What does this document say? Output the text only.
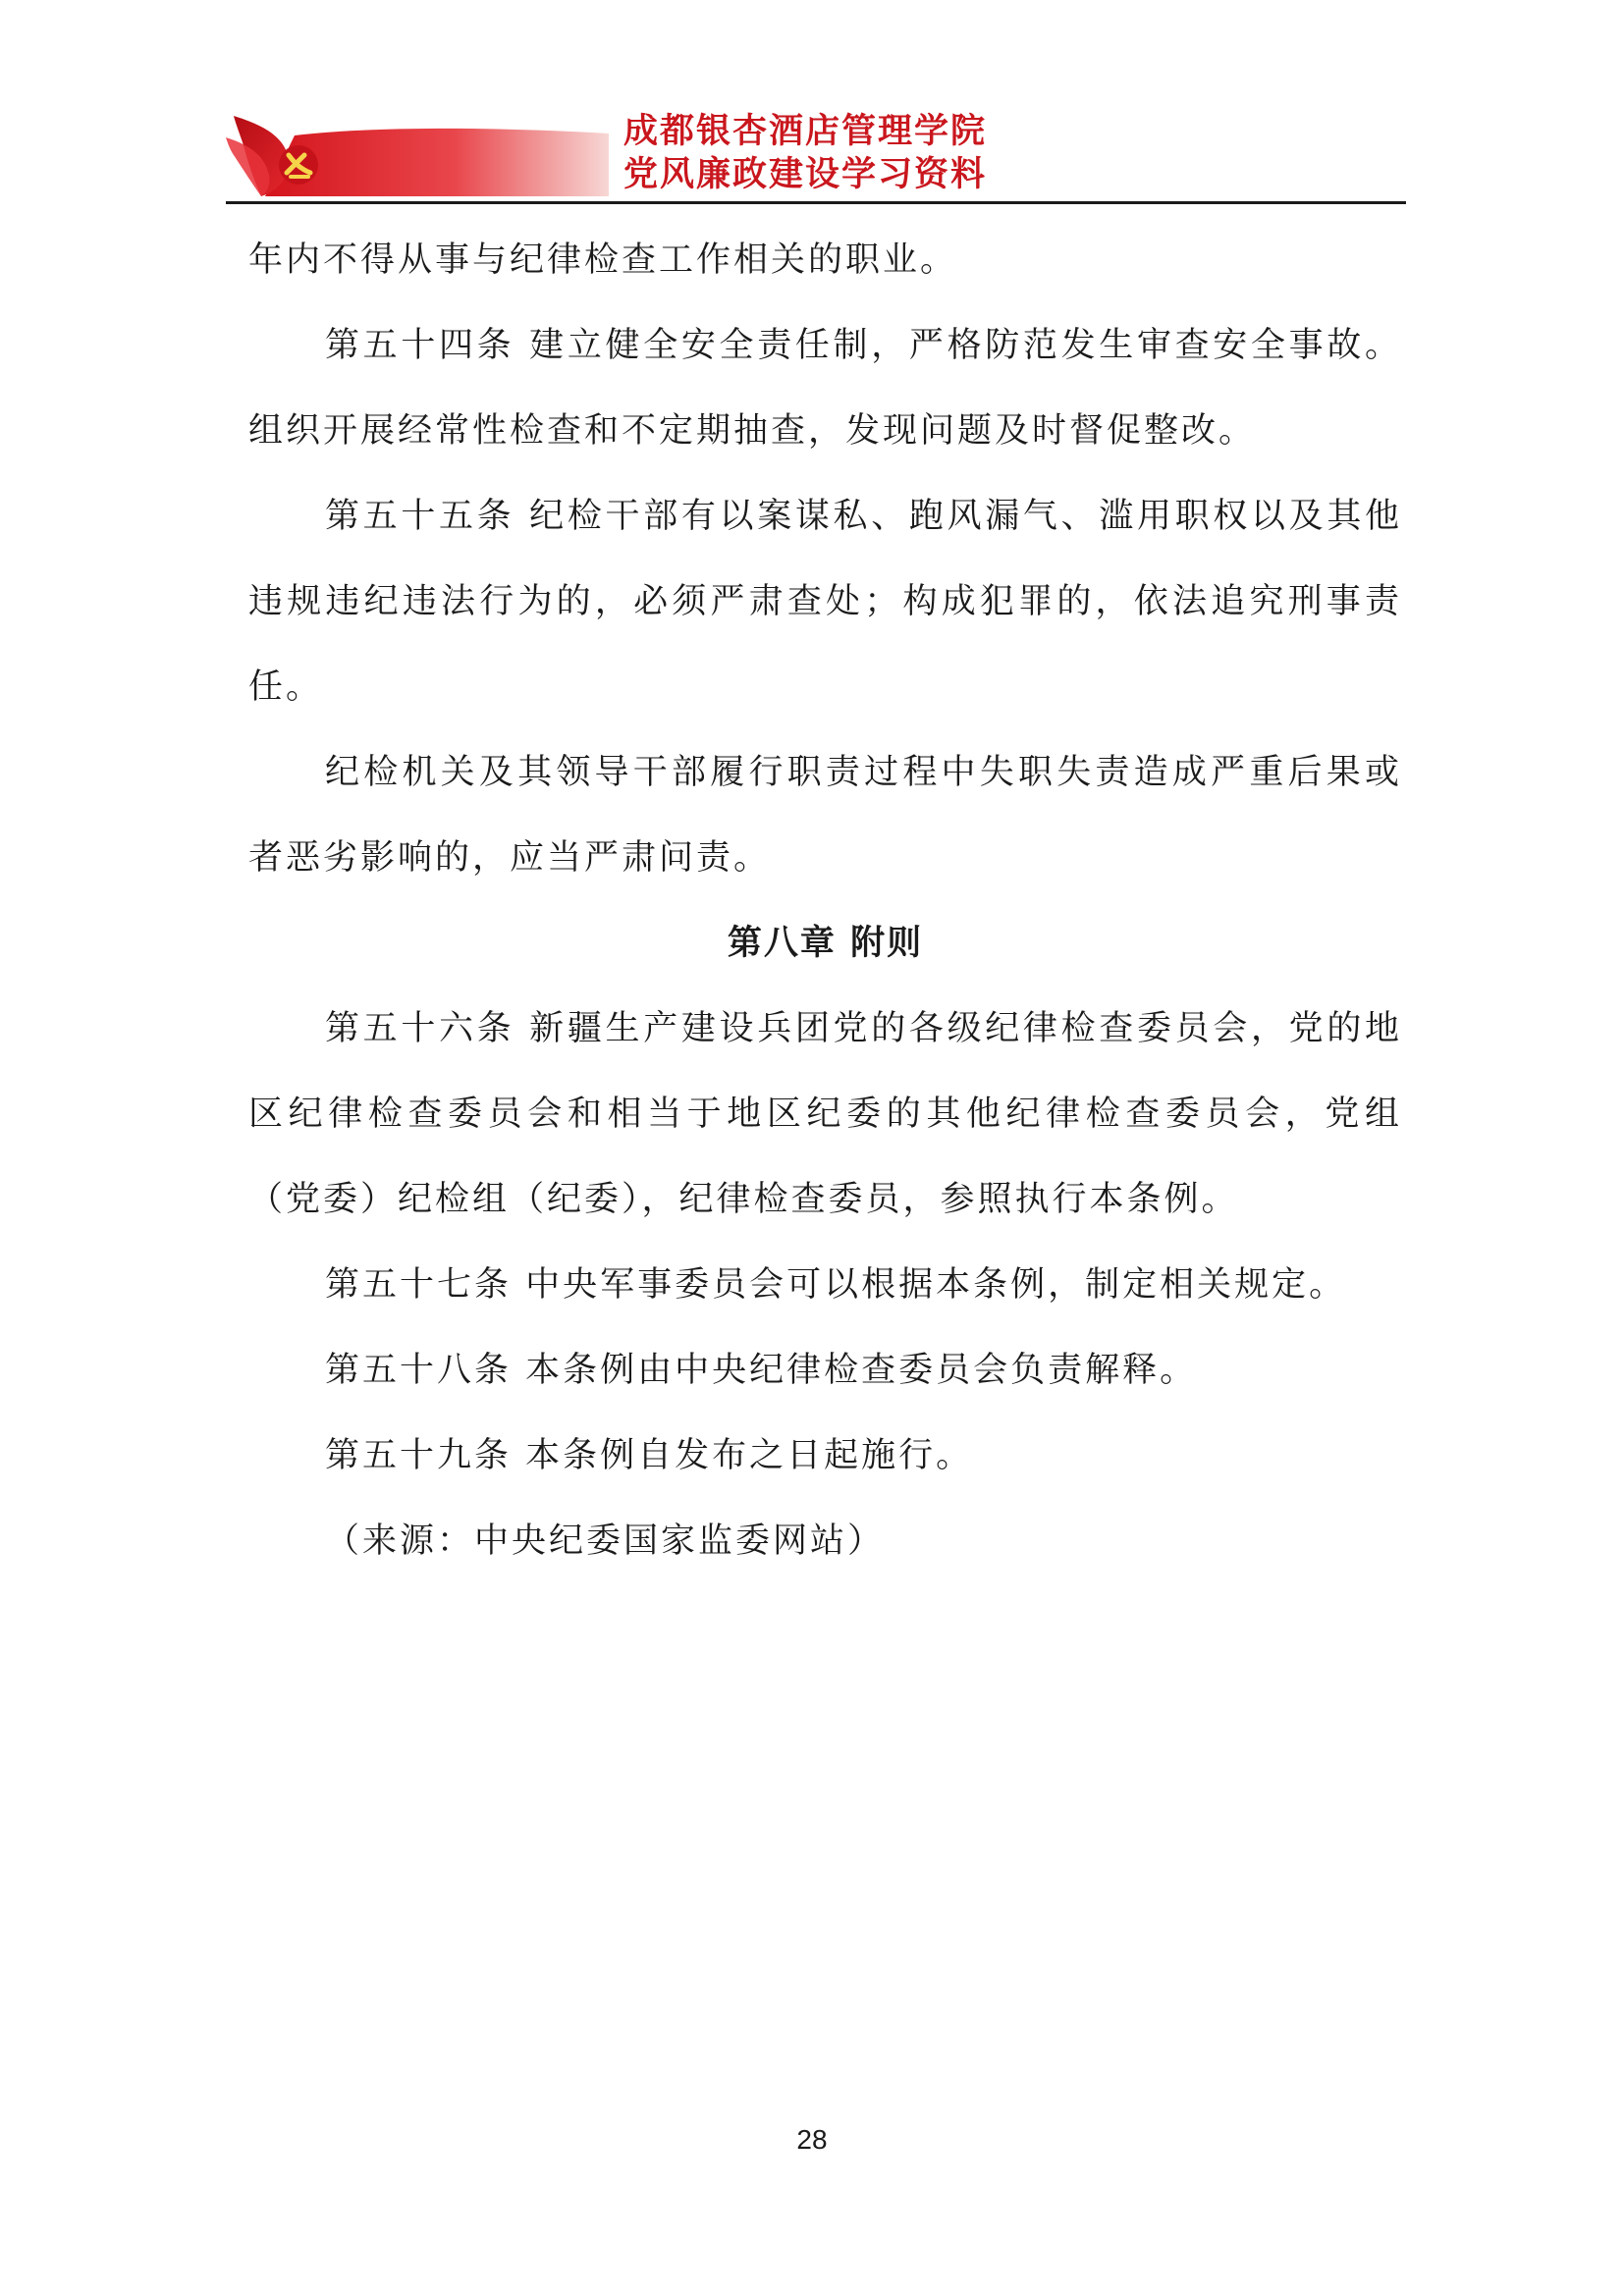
成都银杏酒店管理学院
党风廉政建设学习资料

年内不得从事与纪律检查工作相关的职业。

第五十四条 建立健全安全责任制，严格防范发生审查安全事故。组织开展经常性检查和不定期抽查，发现问题及时督促整改。

第五十五条 纪检干部有以案谋私、跑风漏气、滥用职权以及其他违规违纪违法行为的，必须严肃查处；构成犯罪的，依法追究刑事责任。

纪检机关及其领导干部履行职责过程中失职失责造成严重后果或者恶劣影响的，应当严肃问责。

第八章 附则

第五十六条 新疆生产建设兵团党的各级纪律检查委员会，党的地区纪律检查委员会和相当于地区纪委的其他纪律检查委员会，党组（党委）纪检组（纪委），纪律检查委员，参照执行本条例。

第五十七条 中央军事委员会可以根据本条例，制定相关规定。

第五十八条 本条例由中央纪律检查委员会负责解释。

第五十九条 本条例自发布之日起施行。

（来源：中央纪委国家监委网站）

28
